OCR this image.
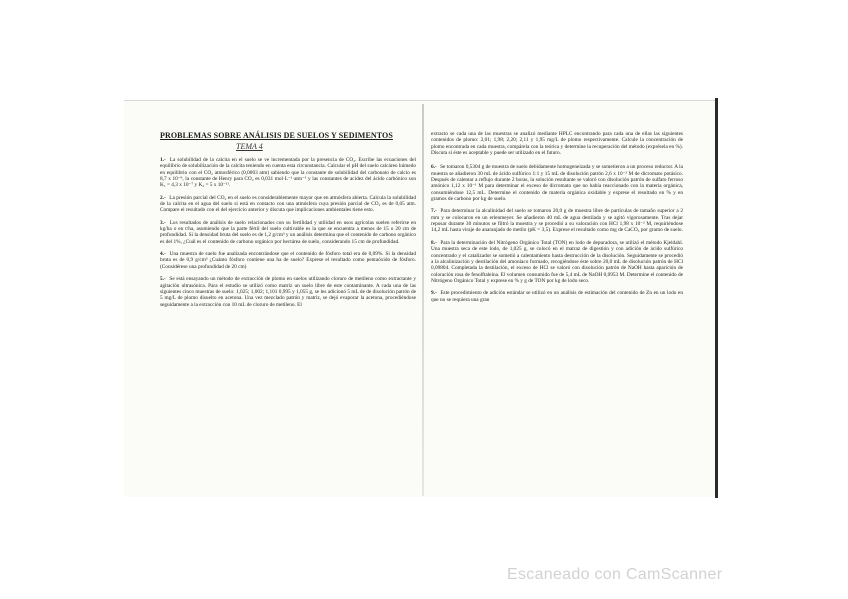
PROBLEMAS SOBRE ANÁLISIS DE SUELOS Y SEDIMENTOS
TEMA 4

1.- La solubilidad de la calcita en el suelo se ve incrementada por la presencia de CO₂. Escribe las ecuaciones del equilibrio de solubilización de la calcita teniendo en cuenta esta circunstancia. Calcular el pH del suelo calcáreo húmedo en equilibrio con el CO₂ atmosférico (0,0003 atm) sabiendo que la constante de solubilidad del carbonato de calcio es 8,7 x 10⁻⁹, la constante de Henry para CO₂ es 0,031 mol·L⁻¹·atm⁻¹ y las constantes de acidez del ácido carbónico son K₁ = 4,3 x 10⁻⁷ y K₂ = 5 x 10⁻¹¹.

2.- La presión parcial del CO₂ en el suelo es considerablemente mayor que en atmósfera abierta. Calcula la solubilidad de la calcita en el agua del suelo si está en contacto con una atmósfera cuya presión parcial de CO₂ es de 0,05 atm. Compare el resultado con el del ejercicio anterior y discuta que implicaciones ambientales tiene esto.

3.- Los resultados de análisis de suelo relacionados con su fertilidad y utilidad en usos agrícolas suelen referirse en kg/ha o en t/ha, asumiendo que la parte fértil del suelo cultivable es la que se encuentra a menos de 15 o 20 cm de profundidad. Si la densidad bruta del suelo es de 1,2 g/cm³ y un análisis determina que el contenido de carbono orgánico es del 1%, ¿Cuál es el contenido de carbono orgánico por hectárea de suelo, considerando 15 cm de profundidad.

4.- Una muestra de suelo fue analizada encontrándose que el contenido de fósforo total era de 0,09%. Si la densidad bruta es de 0,9 g/cm³ ¿Cuánto fósforo contiene una ha de suelo? Exprese el resultado como pentaóxido de fósforo. (Considérese una profundidad de 20 cm)

5.- Se está ensayando un método de extracción de plomo en suelos utilizando cloruro de metileno como extractante y agitación ultrasónica. Para el estudio se utilizó como matriz un suelo libre de este contaminante. A cada una de las siguientes cinco muestras de suelo: 1,025; 1,002; 1,101 0,995 y 1,055 g, se les adicionó 5 mL de de disolución patrón de 5 mg/L de plomo disuelto en acetona. Una vez mezclado patrón y matriz, se dejó evaporar la acetona, procediéndose seguidamente a la extracción con 10 mL de cloruro de metileno. El

extracto se cada una de las muestras se analizó mediante HPLC encontrando para cada una de ellas las siguientes contenidos de plomo: 2,01; 1,98; 2,20; 2,11 y 1,95 mg/L de plomo respectivamente. Calcule la concentración de plomo encontrada en cada muestra, compárela con la teórica y determine la recuperación del método (exprésela en %). Discuta si éste es aceptable y puede ser utilizado en el futuro.

6.- Se tomaron 0,5304 g de muestra de suelo debidamente homogeneizada y se sometieron a un proceso reductor. A la muestra se añadieron 30 mL de ácido sulfúrico 1:1 y 15 mL de disolución patrón 2,6 x 10⁻² M de dicromato potásico. Después de calentar a reflujo durante 2 horas, la solución resultante se valoró con disolución patrón de sulfato ferroso amónico 1,12 x 10⁻¹ M para determinar el exceso de dicromato que no había reaccionado con la materia orgánica, consumiéndose 12,5 mL. Determine el contenido de materia orgánica oxidable y exprese el resultado en % y en gramos de carbono por kg de suelo.

7.- Para determinar la alcalinidad del suelo se tomaron 20,0 g de muestra libre de partículas de tamaño superior a 2 mm y se colocaron en un erlenmeyer. Se añadieron 40 mL de agua destilada y se agitó vigorosamente. Tras dejar reposar durante 30 minutos se filtró la muestra y se procedió a su valoración con HCl 1,98 x 10⁻² M, requiriéndose 14,2 mL hasta viraje de anaranjado de metilo (pK = 3,5). Exprese el resultado como mg de CaCO₃ por gramo de suelo.

8.- Para la determinación del Nitrógeno Orgánico Total (TON) en lodo de depuradora, se utilizó el método Kjeldahl. Una muestra seca de este lodo, de 1,025 g, se colocó en el matraz de digestión y con adición de ácido sulfúrico concentrado y el catalizador se sometió a calentamiento hasta destrucción de la disolución. Seguidamente se procedió a la alcalinización y destilación del amoniaco formado, recogiéndose éste sobre 20,0 mL de disolución patrón de HCl 0,09804. Completada la destilación, el exceso de HCl se valoró con disolución patrón de NaOH hasta aparición de coloración rosa de fenolftaleína. El volumen consumido fue de 5,4 mL de NaOH 0,0953 M. Determine el contenido de Nitrógeno Orgánico Total y exprese en % y g de TON por kg de lodo seco.

9.- Este procedimiento de adición estándar se utilizó en un análisis de estimación del contenido de Zn en un lodo en que no se requiera una gran

Escaneado con CamScanner
